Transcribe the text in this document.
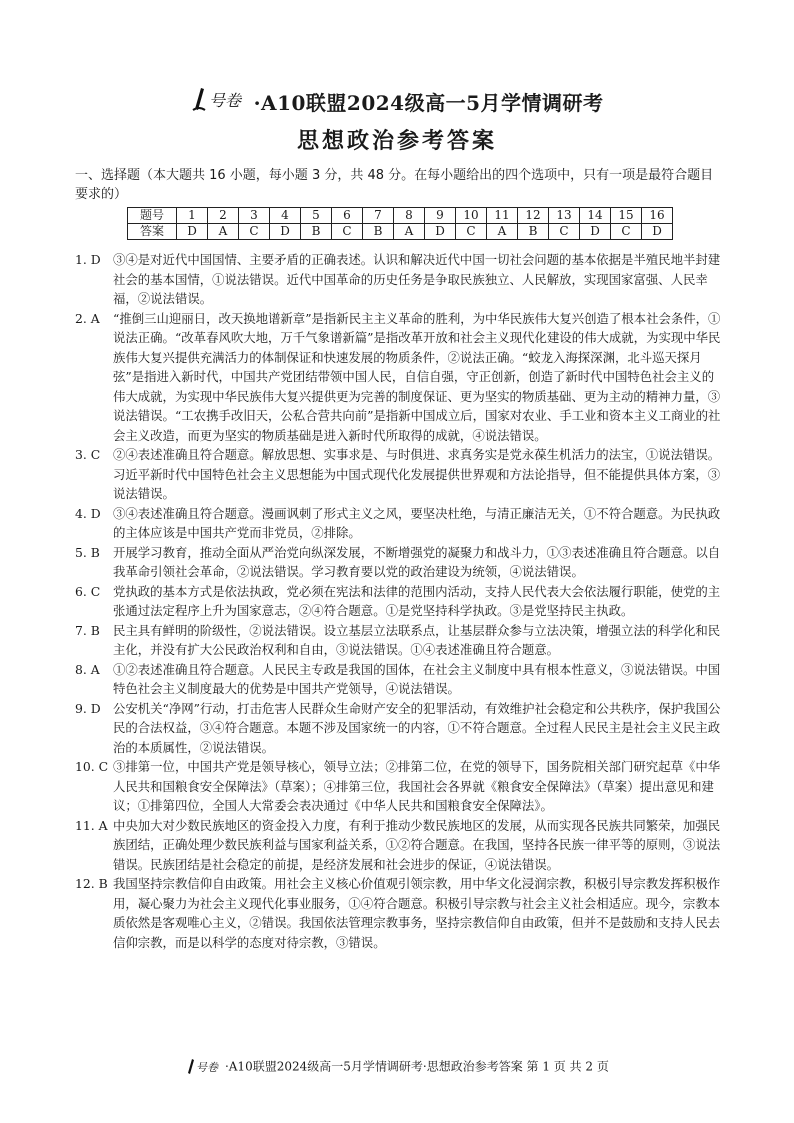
号卷 ·A10联盟2024级高一5月学情调研考
思想政治参考答案
一、选择题（本大题共 16 小题，每小题 3 分，共 48 分。在每小题给出的四个选项中，只有一项是最符合题目要求的）
题号	1	2	3	4	5	6	7	8	9	10	11	12	13	14	15	16
答案	D	A	C	D	B	C	B	A	D	C	A	B	C	D	C	D
1. D ③④是对近代中国国情、主要矛盾的正确表述。认识和解决近代中国一切社会问题的基本依据是半殖民地半封建社会的基本国情，①说法错误。近代中国革命的历史任务是争取民族独立、人民解放，实现国家富强、人民幸福，②说法错误。
2. A	“推倒三山迎丽日，改天换地谱新章”是指新民主主义革命的胜利，为中华民族伟大复兴创造了根本社会条件，①说法正确。“改革春风吹大地，万千气象谱新篇”是指改革开放和社会主义现代化建设的伟大成就，为实现中华民族伟大复兴提供充满活力的体制保证和快速发展的物质条件，②说法正确。“蛟龙入海探深渊，北斗巡天探月弦”是指进入新时代，中国共产党团结带领中国人民，自信自强，守正创新，创造了新时代中国特色社会主义的伟大成就，为实现中华民族伟大复兴提供更为完善的制度保证、更为坚实的物质基础、更为主动的精神力量，③说法错误。“工农携手改旧天，公私合营共向前”是指新中国成立后，国家对农业、手工业和资本主义工商业的社会主义改造，而更为坚实的物质基础是进入新时代所取得的成就，④说法错误。
3. C	②④表述准确且符合题意。解放思想、实事求是、与时俱进、求真务实是党永葆生机活力的法宝，①说法错误。习近平新时代中国特色社会主义思想能为中国式现代化发展提供世界观和方法论指导，但不能提供具体方案，③说法错误。
4. D ③④表述准确且符合题意。漫画讽刺了形式主义之风，要坚决杜绝，与清正廉洁无关，①不符合题意。为民执政的主体应该是中国共产党而非党员，②排除。
5. B	开展学习教育，推动全面从严治党向纵深发展，不断增强党的凝聚力和战斗力，①③表述准确且符合题意。以自我革命引领社会革命，②说法错误。学习教育要以党的政治建设为统领，④说法错误。
6. C	党执政的基本方式是依法执政，党必须在宪法和法律的范围内活动，支持人民代表大会依法履行职能，使党的主张通过法定程序上升为国家意志，②④符合题意。①是党坚持科学执政。③是党坚持民主执政。
7. B	民主具有鲜明的阶级性，②说法错误。设立基层立法联系点，让基层群众参与立法决策，增强立法的科学化和民主化，并没有扩大公民政治权利和自由，③说法错误。①④表述准确且符合题意。
8. A	①②表述准确且符合题意。人民民主专政是我国的国体，在社会主义制度中具有根本性意义，③说法错误。中国特色社会主义制度最大的优势是中国共产党领导，④说法错误。
9. D 公安机关“净网”行动，打击危害人民群众生命财产安全的犯罪活动，有效维护社会稳定和公共秩序，保护我国公民的合法权益，③④符合题意。本题不涉及国家统一的内容，①不符合题意。全过程人民民主是社会主义民主政治的本质属性，②说法错误。
10. C ③排第一位，中国共产党是领导核心，领导立法；②排第二位，在党的领导下，国务院相关部门研究起草《中华人民共和国粮食安全保障法》（草案）；④排第三位，我国社会各界就《粮食安全保障法》（草案）提出意见和建议；①排第四位，全国人大常委会表决通过《中华人民共和国粮食安全保障法》。
11. A 中央加大对少数民族地区的资金投入力度，有利于推动少数民族地区的发展，从而实现各民族共同繁荣，加强民族团结，正确处理少数民族利益与国家利益关系，①②符合题意。在我国，坚持各民族一律平等的原则，③说法错误。民族团结是社会稳定的前提，是经济发展和社会进步的保证，④说法错误。
12. B 我国坚持宗教信仰自由政策。用社会主义核心价值观引领宗教，用中华文化浸润宗教，积极引导宗教发挥积极作用，凝心聚力为社会主义现代化事业服务，①④符合题意。积极引导宗教与社会主义社会相适应。现今，宗教本质依然是客观唯心主义，②错误。我国依法管理宗教事务，坚持宗教信仰自由政策，但并不是鼓励和支持人民去信仰宗教，而是以科学的态度对待宗教，③错误。
号卷 ·A10联盟2024级高一5月学情调研考·思想政治参考答案 第 1 页 共 2 页
